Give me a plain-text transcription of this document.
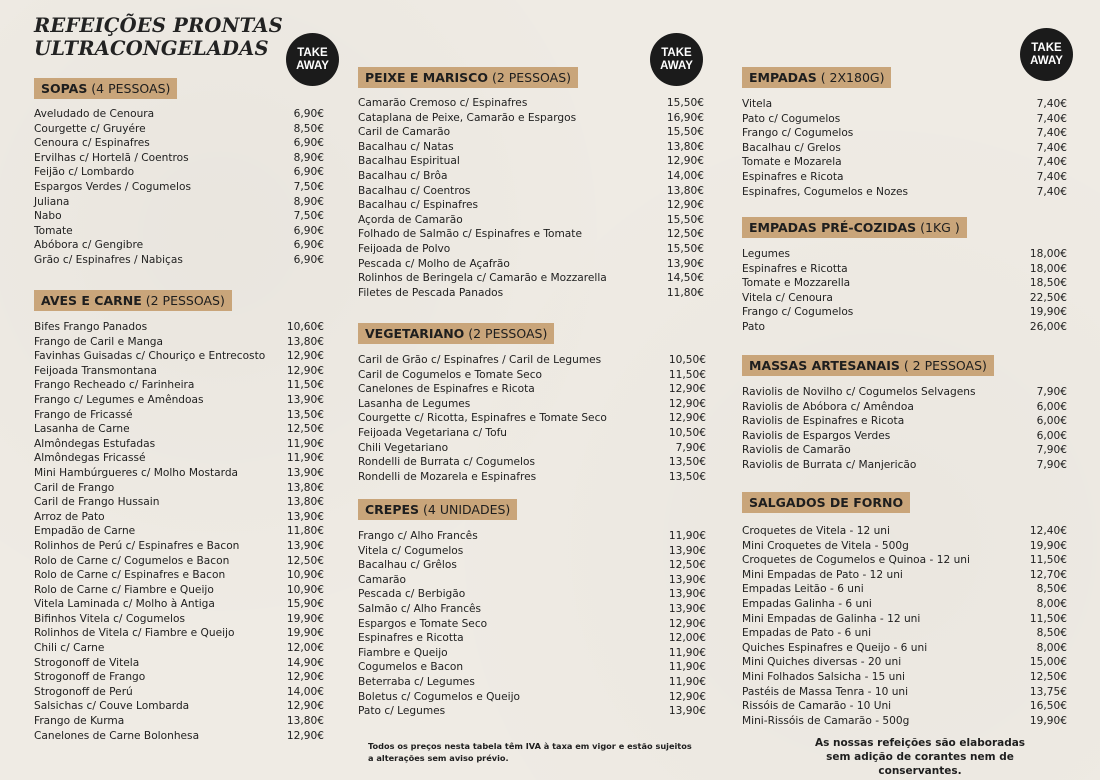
REFEIÇÕES PRONTAS
ULTRACONGELADAS	TAKE
AWAY
TAKE
AWAY
TAKE
AWAY
SOPAS (4 PESSOAS)
Aveludado de Cenoura	6,90€
Courgette c/ Gruyére	8,50€
Cenoura c/ Espinafres	6,90€
Ervilhas c/ Hortelã / Coentros	8,90€
Feijão c/ Lombardo	6,90€
Espargos Verdes / Cogumelos	7,50€
Juliana	8,90€
Nabo	7,50€
Tomate	6,90€
Abóbora c/ Gengibre	6,90€
Grão c/ Espinafres / Nabiças	6,90€
AVES E CARNE (2 PESSOAS)
Bifes Frango Panados	10,60€
Frango de Caril e Manga	13,80€
Favinhas Guisadas c/ Chouriço e Entrecosto 12,90€
Feijoada Transmontana	12,90€
Frango Recheado c/ Farinheira	11,50€
Frango c/ Legumes e Amêndoas	13,90€
Frango de Fricassé	13,50€
Lasanha de Carne	12,50€
Almôndegas Estufadas	11,90€
Almôndegas Fricassé	11,90€
Mini Hambúrgueres c/ Molho Mostarda	13,90€
Caril de Frango	13,80€
Caril de Frango Hussain	13,80€
Arroz de Pato	13,90€
Empadão de Carne	11,80€
Rolinhos de Perú c/ Espinafres e Bacon	13,90€
Rolo de Carne c/ Cogumelos e Bacon	12,50€
Rolo de Carne c/ Espinafres e Bacon	10,90€
Rolo de Carne c/ Fiambre e Queijo	10,90€
Vitela Laminada c/ Molho à Antiga	15,90€
Bifinhos Vitela c/ Cogumelos	19,90€
Rolinhos de Vitela c/ Fiambre e Queijo	19,90€
Chili c/ Carne	12,00€
Strogonoff de Vitela	14,90€
Strogonoff de Frango	12,90€
Strogonoff de Perú	14,00€
Salsichas c/ Couve Lombarda	12,90€
Frango de Kurma	13,80€
Canelones de Carne Bolonhesa	12,90€
PEIXE E MARISCO (2 PESSOAS)
Camarão Cremoso c/ Espinafres	15,50€
Cataplana de Peixe, Camarão e Espargos	16,90€
Caril de Camarão	15,50€
Bacalhau c/ Natas	13,80€
Bacalhau Espiritual	12,90€
Bacalhau c/ Brôa	14,00€
Bacalhau c/ Coentros	13,80€
Bacalhau c/ Espinafres	12,90€
Açorda de Camarão	15,50€
Folhado de Salmão c/ Espinafres e Tomate	12,50€
Feijoada de Polvo	15,50€
Pescada c/ Molho de Açafrão	13,90€
Rolinhos de Beringela c/ Camarão e Mozzarella	14,50€
Filetes de Pescada Panados	11,80€
VEGETARIANO (2 PESSOAS)
Caril de Grão c/ Espinafres / Caril de Legumes	10,50€
Caril de Cogumelos e Tomate Seco	11,50€
Canelones de Espinafres e Ricota	12,90€
Lasanha de Legumes	12,90€
Courgette c/ Ricotta, Espinafres e Tomate Seco	12,90€
Feijoada Vegetariana c/ Tofu	10,50€
Chili Vegetariano	7,90€
Rondelli de Burrata c/ Cogumelos	13,50€
Rondelli de Mozarela e Espinafres	13,50€
CREPES (4 UNIDADES)
Frango c/ Alho Francês	11,90€
Vitela c/ Cogumelos	13,90€
Bacalhau c/ Grêlos	12,50€
Camarão	13,90€
Pescada c/ Berbigão	13,90€
Salmão c/ Alho Francês	13,90€
Espargos e Tomate Seco	12,90€
Espinafres e Ricotta	12,00€
Fiambre e Queijo	11,90€
Cogumelos e Bacon	11,90€
Beterraba c/ Legumes	11,90€
Boletus c/ Cogumelos e Queijo	12,90€
Pato c/ Legumes	13,90€
EMPADAS ( 2X180G)
Vitela	7,40€
Pato c/ Cogumelos	7,40€
Frango c/ Cogumelos	7,40€
Bacalhau c/ Grelos	7,40€
Tomate e Mozarela	7,40€
Espinafres e Ricota	7,40€
Espinafres, Cogumelos e Nozes	7,40€
EMPADAS PRÉ-COZIDAS (1KG )
Legumes	18,00€
Espinafres e Ricotta	18,00€
Tomate e Mozzarella	18,50€
Vitela c/ Cenoura	22,50€
Frango c/ Cogumelos	19,90€
Pato	26,00€
MASSAS ARTESANAIS ( 2 PESSOAS)
Raviolis de Novilho c/ Cogumelos Selvagens	7,90€
Raviolis de Abóbora c/ Amêndoa	6,00€
Raviolis de Espinafres e Ricota	6,00€
Raviolis de Espargos Verdes	6,00€
Raviolis de Camarão	7,90€
Raviolis de Burrata c/ Manjericão	7,90€
SALGADOS DE FORNO
Croquetes de Vitela - 12 uni	12,40€
Mini Croquetes de Vitela - 500g	19,90€
Croquetes de Cogumelos e Quinoa - 12 uni	11,50€
Mini Empadas de Pato - 12 uni	12,70€
Empadas Leitão - 6 uni	8,50€
Empadas Galinha - 6 uni	8,00€
Mini Empadas de Galinha - 12 uni	11,50€
Empadas de Pato - 6 uni	8,50€
Quiches Espinafres e Queijo - 6 uni	8,00€
Mini Quiches diversas - 20 uni	15,00€
Mini Folhados Salsicha - 15 uni	12,50€
Pastéis de Massa Tenra - 10 uni	13,75€
Rissóis de Camarão - 10 Uni	16,50€
Mini-Rissóis de Camarão - 500g	19,90€
Todos os preços nesta tabela têm IVA à taxa em vigor e estão sujeitos
a alterações sem aviso prévio.
As nossas refeições são elaboradas
sem adição de corantes nem de conservantes.
